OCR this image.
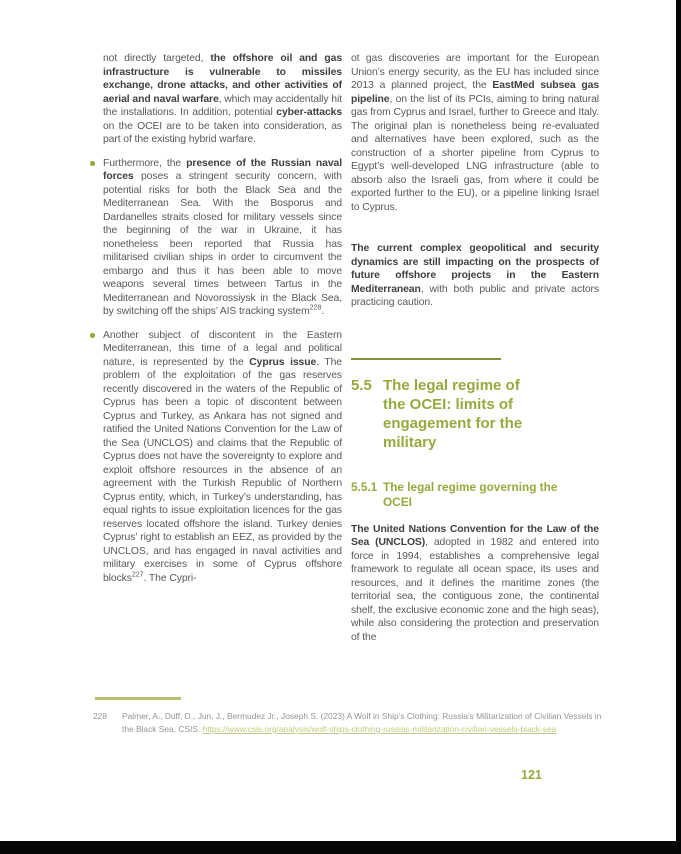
not directly targeted, the offshore oil and gas infrastructure is vulnerable to missiles exchange, drone attacks, and other activities of aerial and naval warfare, which may accidentally hit the installations. In addition, potential cyber-attacks on the OCEI are to be taken into consideration, as part of the existing hybrid warfare.
Furthermore, the presence of the Russian naval forces poses a stringent security concern, with potential risks for both the Black Sea and the Mediterranean Sea. With the Bosporus and Dardanelles straits closed for military vessels since the beginning of the war in Ukraine, it has nonetheless been reported that Russia has militarised civilian ships in order to circumvent the embargo and thus it has been able to move weapons several times between Tartus in the Mediterranean and Novorossiysk in the Black Sea, by switching off the ships’ AIS tracking system$^{228}$.
Another subject of discontent in the Eastern Mediterranean, this time of a legal and political nature, is represented by the Cyprus issue. The problem of the exploitation of the gas reserves recently discovered in the waters of the Republic of Cyprus has been a topic of discontent between Cyprus and Turkey, as Ankara has not signed and ratified the United Nations Convention for the Law of the Sea (UNCLOS) and claims that the Republic of Cyprus does not have the sovereignty to explore and exploit offshore resources in the absence of an agreement with the Turkish Republic of Northern Cyprus entity, which, in Turkey’s understanding, has equal rights to issue exploitation licences for the gas reserves located offshore the island. Turkey denies Cyprus’ right to establish an EEZ, as provided by the UNCLOS, and has engaged in naval activities and military exercises in some of Cyprus offshore blocks$^{227}$. The Cypri-
ot gas discoveries are important for the European Union’s energy security, as the EU has included since 2013 a planned project, the EastMed subsea gas pipeline, on the list of its PCIs, aiming to bring natural gas from Cyprus and Israel, further to Greece and Italy. The original plan is nonetheless being re-evaluated and alternatives have been explored, such as the construction of a shorter pipeline from Cyprus to Egypt’s well-developed LNG infrastructure (able to absorb also the Israeli gas, from where it could be exported further to the EU), or a pipeline linking Israel to Cyprus.
The current complex geopolitical and security dynamics are still impacting on the prospects of future offshore projects in the Eastern Mediterranean, with both public and private actors practicing caution.
5.5 The legal regime of the OCEI: limits of engagement for the military
5.5.1 The legal regime governing the OCEI
The United Nations Convention for the Law of the Sea (UNCLOS), adopted in 1982 and entered into force in 1994, establishes a comprehensive legal framework to regulate all ocean space, its uses and resources, and it defines the maritime zones (the territorial sea, the contiguous zone, the continental shelf, the exclusive economic zone and the high seas), while also considering the protection and preservation of the
228	Palmer, A., Duff, D., Jun, J., Bermudez Jr., Joseph S. (2023) A Wolf in Ship’s Clothing: Russia’s Militarization of Civilian Vessels in the Black Sea, CSIS. https://www.csis.org/analysis/wolf-ships-clothing-russias-militarization-civilian-vessels-black-sea
121
